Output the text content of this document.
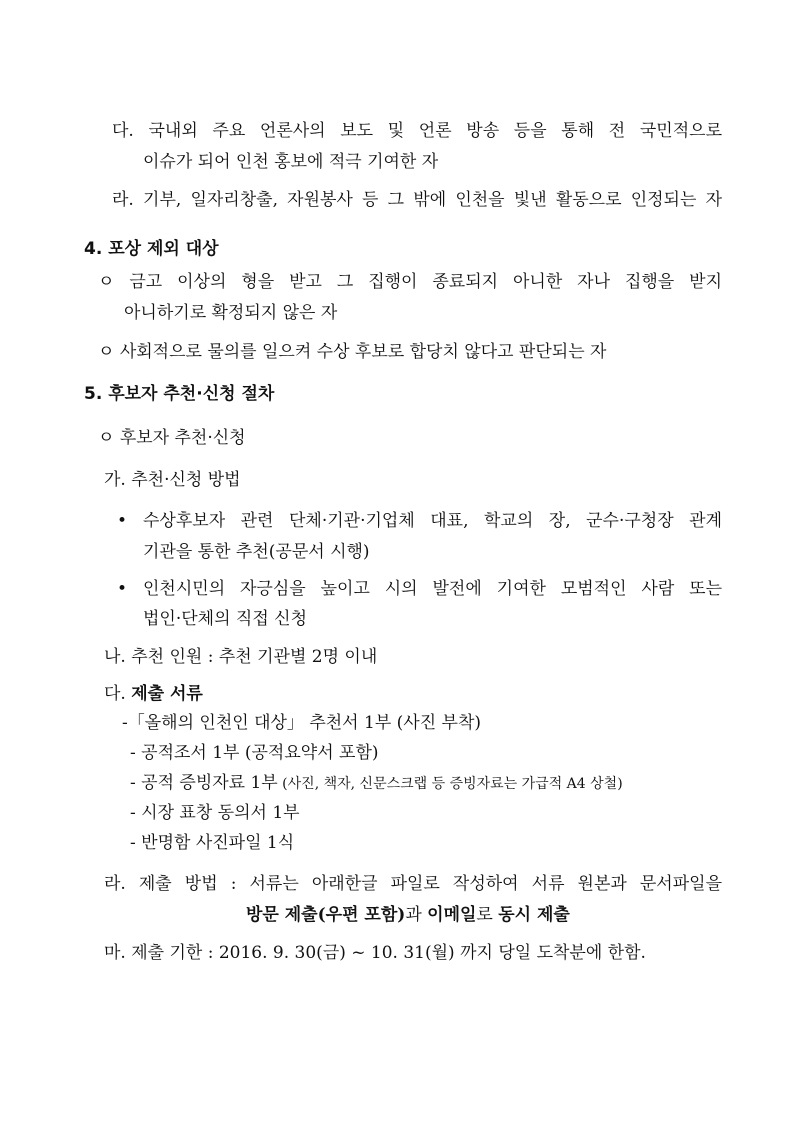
다. 국내외 주요 언론사의 보도 및 언론 방송 등을 통해 전 국민적으로
이슈가 되어 인천 홍보에 적극 기여한 자
라. 기부, 일자리창출, 자원봉사 등 그 밖에 인천을 빛낸 활동으로 인정되는 자
4. 포상 제외 대상
ㅇ 금고 이상의 형을 받고 그 집행이 종료되지 아니한 자나 집행을 받지
아니하기로 확정되지 않은 자
ㅇ 사회적으로 물의를 일으켜 수상 후보로 합당치 않다고 판단되는 자
5. 후보자 추천·신청 절차
ㅇ 후보자 추천·신청
가. 추천·신청 방법
• 수상후보자 관련 단체·기관·기업체 대표, 학교의 장, 군수·구청장 관계
기관을 통한 추천(공문서 시행)
• 인천시민의 자긍심을 높이고 시의 발전에 기여한 모범적인 사람 또는
법인·단체의 직접 신청
나. 추천 인원 : 추천 기관별 2명 이내
다. 제출 서류
-「올해의 인천인 대상」 추천서 1부 (사진 부착)
- 공적조서 1부 (공적요약서 포함)
- 공적 증빙자료 1부 (사진, 책자, 신문스크랩 등 증빙자료는 가급적 A4 상철)
- 시장 표창 동의서 1부
- 반명함 사진파일 1식
라. 제출 방법 : 서류는 아래한글 파일로 작성하여 서류 원본과 문서파일을
방문 제출(우편 포함)과 이메일로 동시 제출
마. 제출 기한 : 2016. 9. 30(금) ~ 10. 31(월) 까지 당일 도착분에 한함.
